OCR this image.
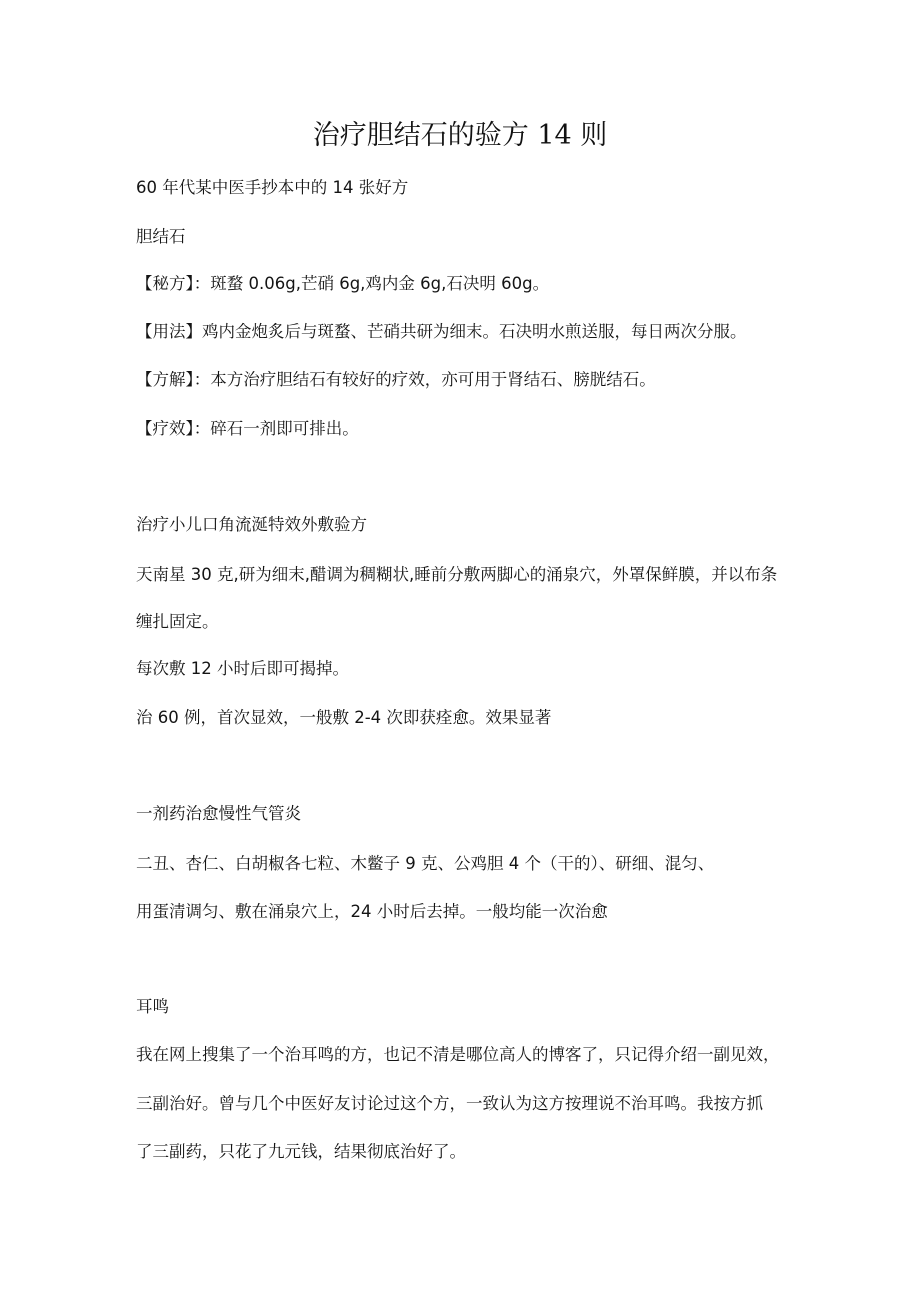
治疗胆结石的验方 14 则
60 年代某中医手抄本中的 14 张好方
胆结石
【秘方】：斑蝥 0.06g,芒硝 6g,鸡内金 6g,石决明 60g。
【用法】鸡内金炮炙后与斑蝥、芒硝共研为细末。石决明水煎送服，每日两次分服。
【方解】：本方治疗胆结石有较好的疗效，亦可用于肾结石、膀胱结石。
【疗效】：碎石一剂即可排出。
治疗小儿口角流涎特效外敷验方
天南星 30 克,研为细末,醋调为稠糊状,睡前分敷两脚心的涌泉穴，外罩保鲜膜，并以布条
缠扎固定。
每次敷 12 小时后即可揭掉。
治 60 例，首次显效，一般敷 2-4 次即获痊愈。效果显著
一剂药治愈慢性气管炎
二丑、杏仁、白胡椒各七粒、木鳖子 9 克、公鸡胆 4 个（干的）、研细、混匀、
用蛋清调匀、敷在涌泉穴上，24 小时后去掉。一般均能一次治愈
耳鸣
我在网上搜集了一个治耳鸣的方，也记不清是哪位高人的博客了，只记得介绍一副见效，
三副治好。曾与几个中医好友讨论过这个方，一致认为这方按理说不治耳鸣。我按方抓
了三副药，只花了九元钱，结果彻底治好了。
